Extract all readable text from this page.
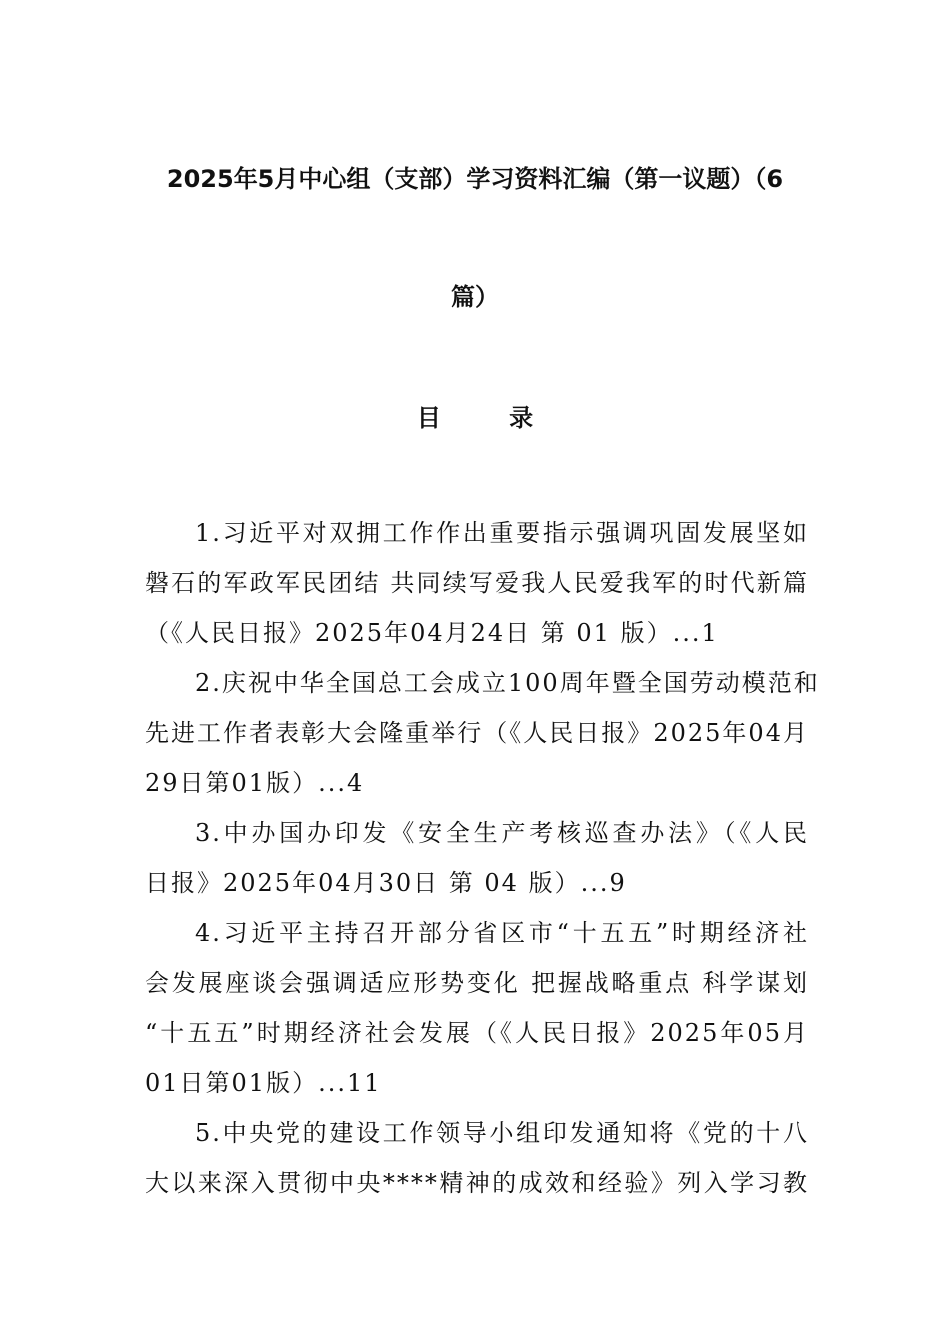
2025年5月中心组（支部）学习资料汇编（第一议题）（6
篇）
目 录
1.习近平对双拥工作作出重要指示强调巩固发展坚如
磐石的军政军民团结 共同续写爱我人民爱我军的时代新篇
（《人民日报》2025年04月24日 第 01 版）...1
2.庆祝中华全国总工会成立100周年暨全国劳动模范和
先进工作者表彰大会隆重举行（《人民日报》2025年04月
29日第01版）...4
3.中办国办印发《安全生产考核巡查办法》（《人民
日报》2025年04月30日 第 04 版）...9
4.习近平主持召开部分省区市“十五五”时期经济社
会发展座谈会强调适应形势变化 把握战略重点 科学谋划
“十五五”时期经济社会发展（《人民日报》2025年05月
01日第01版）...11
5.中央党的建设工作领导小组印发通知将《党的十八
大以来深入贯彻中央****精神的成效和经验》列入学习教
